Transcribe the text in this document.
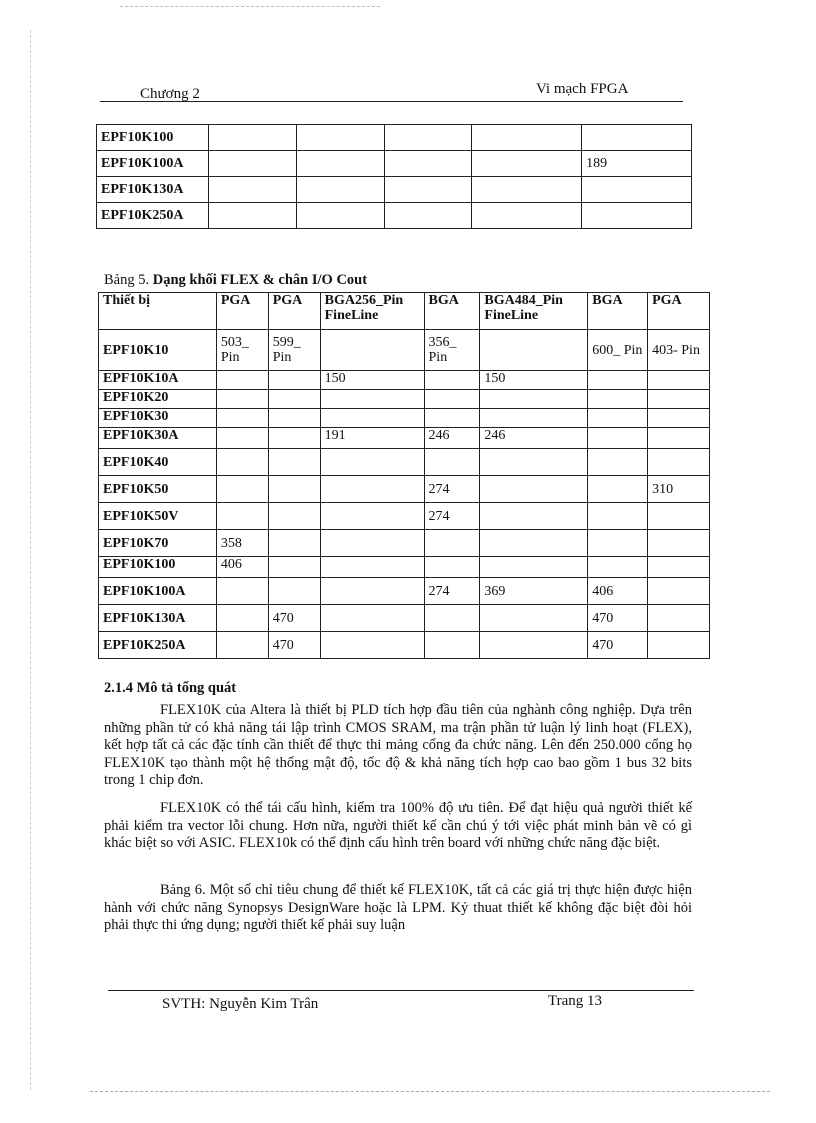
Chương 2	Vi mạch FPGA
EPF10K100					
EPF10K100A					189
EPF10K130A					
EPF10K250A					
Bảng 5. Dạng khối FLEX & chân I/O Cout
Thiết bị	PGA	PGA	BGA256_Pin FineLine	BGA	BGA484_Pin FineLine	BGA	PGA
EPF10K10	503_ Pin	599_ Pin		356_ Pin		600_ Pin	403- Pin
EPF10K10A			150		150		
EPF10K20							
EPF10K30							
EPF10K30A			191	246	246		
EPF10K40							
EPF10K50				274			310
EPF10K50V				274			
EPF10K70	358						
EPF10K100	406						
EPF10K100A				274	369	406	
EPF10K130A		470				470	
EPF10K250A		470				470	
2.1.4 Mô tả tổng quát
FLEX10K của Altera là thiết bị PLD tích hợp đầu tiên của nghành công nghiệp. Dựa trên những phần tử có khả năng tái lập trình CMOS SRAM, ma trận phần tử luận lý linh hoạt (FLEX), kết hợp tất cả các đặc tính cần thiết để thực thi mảng cổng đa chức năng. Lên đến 250.000 cổng họ FLEX10K tạo thành một hệ thống mật độ, tốc độ & khả năng tích hợp cao bao gồm 1 bus 32 bits trong 1 chip đơn.
FLEX10K có thể tái cấu hình, kiểm tra 100% độ ưu tiên. Để đạt hiệu quả người thiết kế phải kiểm tra vector lỗi chung. Hơn nữa, người thiết kế cần chú ý tới việc phát minh bản vẽ có gì khác biệt so với ASIC. FLEX10k có thể định cấu hình trên board với những chức năng đặc biệt.
Bảng 6. Một số chỉ tiêu chung để thiết kế FLEX10K, tất cả các giá trị thực hiện được hiện hành với chức năng Synopsys DesignWare hoặc là LPM. Kỷ thuat thiết kế không đặc biệt đòi hỏi phải thực thi ứng dụng; người thiết kế phải suy luận
SVTH: Nguyễn Kim Trân	Trang 13
